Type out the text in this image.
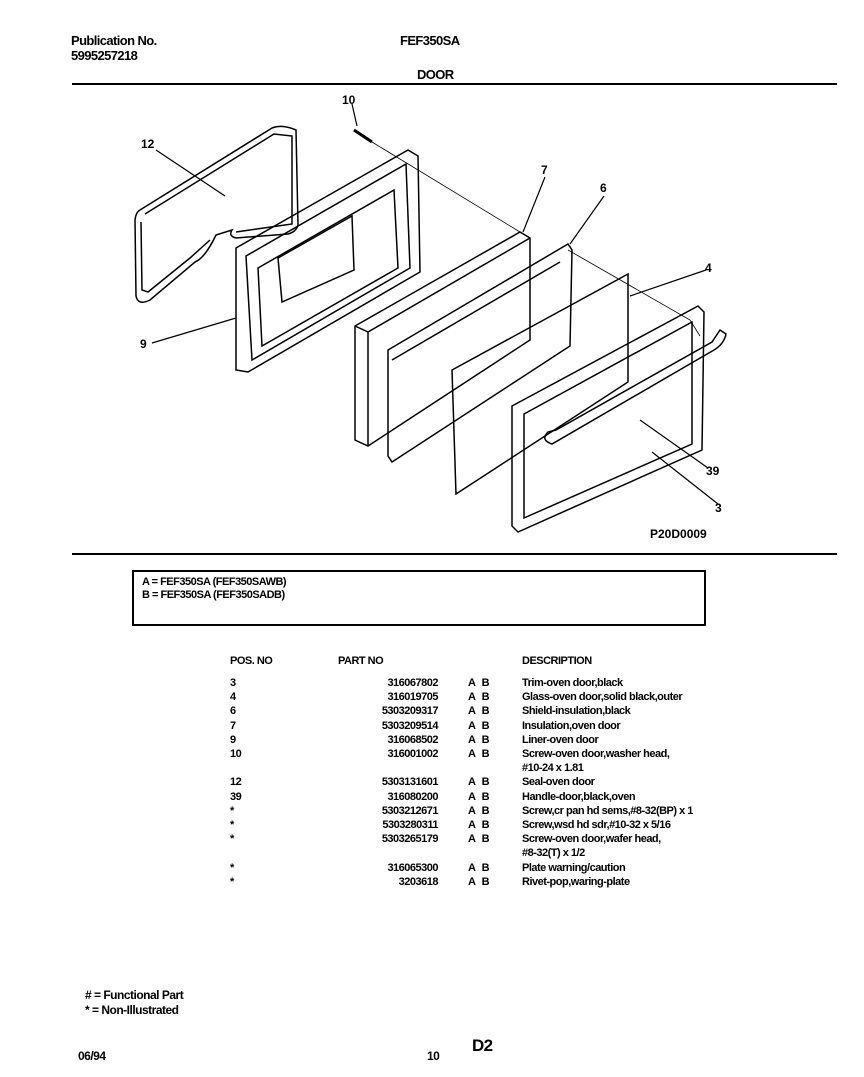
Publication No.
5995257218
FEF350SA
DOOR
10
12
9
7
6
4
39
3
P20D0009
A = FEF350SA (FEF350SAWB)
B = FEF350SA (FEF350SADB)
POS. NO	PART NO			DESCRIPTION
3	316067802		A B	Trim-oven door,black
4	316019705		A B	Glass-oven door,solid black,outer
6	5303209317		A B	Shield-insulation,black
7	5303209514		A B	Insulation,oven door
9	316068502		A B	Liner-oven door
10	316001002		A B	Screw-oven door,washer head,
				#10-24 x 1.81
12	5303131601		A B	Seal-oven door
39	316080200		A B	Handle-door,black,oven
*	5303212671		A B	Screw,cr pan hd sems,#8-32(BP) x 1
*	5303280311		A B	Screw,wsd hd sdr,#10-32 x 5/16
*	5303265179		A B	Screw-oven door,wafer head,
				#8-32(T) x 1/2
*	316065300		A B	Plate warning/caution
*	3203618		A B	Rivet-pop,waring-plate
# = Functional Part
* = Non-Illustrated
06/94	10
D2
